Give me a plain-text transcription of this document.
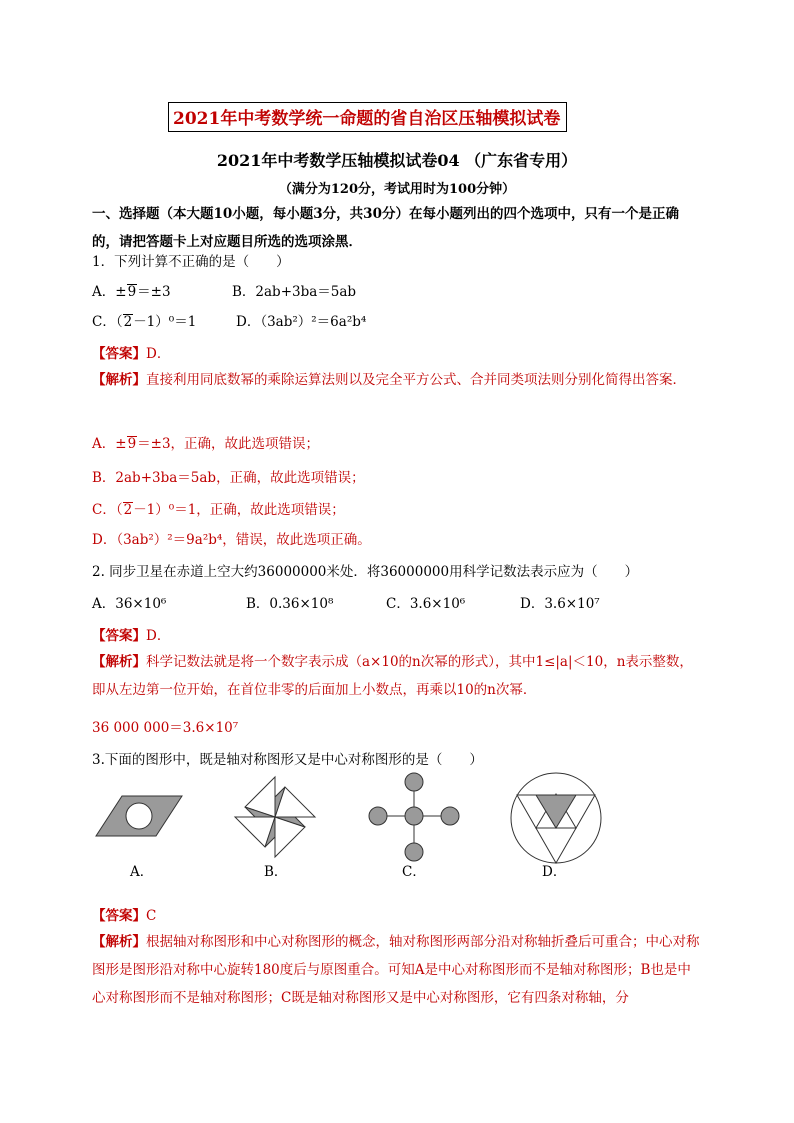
2021年中考数学统一命题的省自治区压轴模拟试卷
2021年中考数学压轴模拟试卷04 （广东省专用）
（满分为120分，考试用时为100分钟）
一、选择题（本大题10小题，每小题3分，共30分）在每小题列出的四个选项中，只有一个是正确的，请把答题卡上对应题目所选的选项涂黑．
1．下列计算不正确的是（　　）
A．±9＝±3	B．2ab+3ba＝5ab
C．（2－1）⁰＝1	D．（3ab²）²＝6a²b⁴
【答案】D．
【解析】直接利用同底数幂的乘除运算法则以及完全平方公式、合并同类项法则分别化简得出答案．
A．±9＝±3，正确，故此选项错误；
B．2ab+3ba＝5ab，正确，故此选项错误；
C．（2－1）⁰＝1，正确，故此选项错误；
D．（3ab²）²＝9a²b⁴，错误，故此选项正确。
2. 同步卫星在赤道上空大约36000000米处．将36000000用科学记数法表示应为（　　）
A．36×10⁶	B．0.36×10⁸	C．3.6×10⁶	D．3.6×10⁷
【答案】D．
【解析】科学记数法就是将一个数字表示成（a×10的n次幂的形式），其中1≤|a|＜10，n表示整数，即从左边第一位开始，在首位非零的后面加上小数点，再乘以10的n次幂．
36 000 000＝3.6×10⁷
3.下面的图形中，既是轴对称图形又是中心对称图形的是（　　）
A．	B．	C．	D．
【答案】C
【解析】根据轴对称图形和中心对称图形的概念，轴对称图形两部分沿对称轴折叠后可重合；中心对称图形是图形沿对称中心旋转180度后与原图重合。可知A是中心对称图形而不是轴对称图形；B也是中心对称图形而不是轴对称图形；C既是轴对称图形又是中心对称图形，它有四条对称轴，分
